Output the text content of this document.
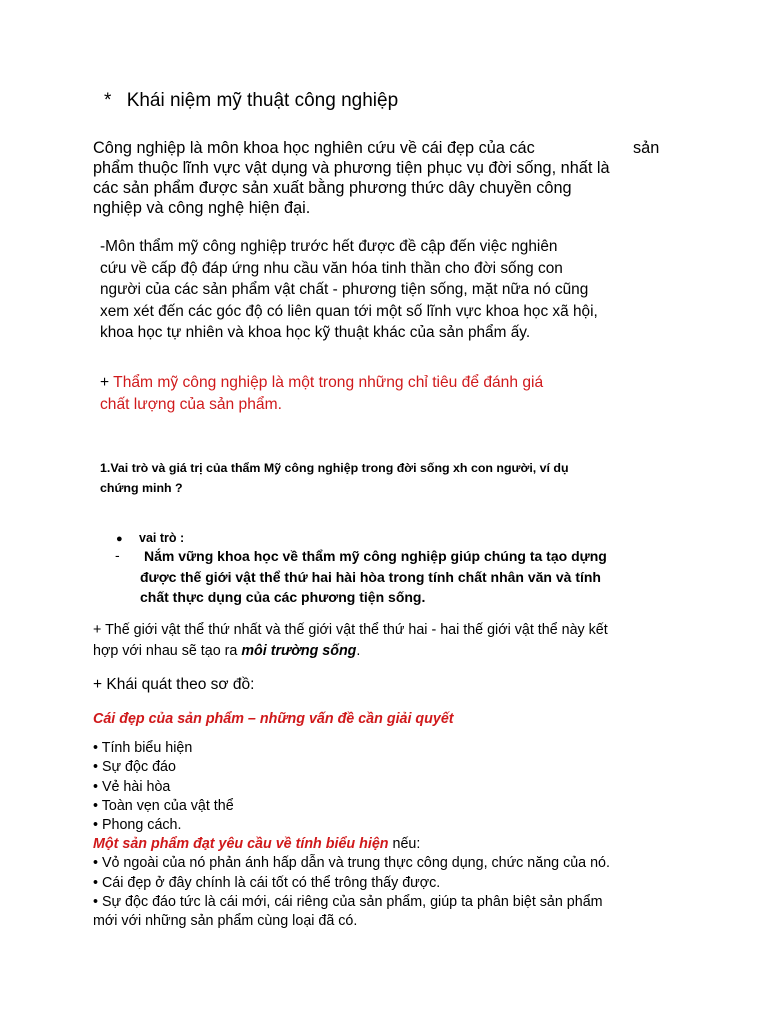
* Khái niệm mỹ thuật công nghiệp
Công nghiệp là môn khoa học nghiên cứu về cái đẹp của các	sản
phẩm thuộc lĩnh vực vật dụng và phương tiện phục vụ đời sống, nhất là
các sản phẩm được sản xuất bằng phương thức dây chuyền công
nghiệp và công nghệ hiện đại.
-Môn thẩm mỹ công nghiệp trước hết được đề cập đến việc nghiên
cứu về cấp độ đáp ứng nhu cầu văn hóa tinh thần cho đời sống con
người của các sản phẩm vật chất - phương tiện sống, mặt nữa nó cũng
xem xét đến các góc độ có liên quan tới một số lĩnh vực khoa học xã hội,
khoa học tự nhiên và khoa học kỹ thuật khác của sản phẩm ấy.
+ Thẩm mỹ công nghiệp là một trong những chỉ tiêu để đánh giá
chất lượng của sản phẩm.
1.Vai trò và giá trị của thẩm Mỹ công nghiệp trong đời sống xh con người, ví dụ
chứng minh ?
● vai trò :
- Nắm vững khoa học về thẩm mỹ công nghiệp giúp chúng ta tạo dựng
được thế giới vật thể thứ hai hài hòa trong tính chất nhân văn và tính
chất thực dụng của các phương tiện sống.
+ Thế giới vật thể thứ nhất và thế giới vật thể thứ hai - hai thế giới vật thể này kết
hợp với nhau sẽ tạo ra môi trường sống.
+ Khái quát theo sơ đồ:
Cái đẹp của sản phẩm – những vấn đề cần giải quyết
• Tính biểu hiện
• Sự độc đáo
• Vẻ hài hòa
• Toàn vẹn của vật thể
• Phong cách.
Một sản phẩm đạt yêu cầu về tính biểu hiện nếu:
• Vỏ ngoài của nó phản ánh hấp dẫn và trung thực công dụng, chức năng của nó.
• Cái đẹp ở đây chính là cái tốt có thể trông thấy được.
• Sự độc đáo tức là cái mới, cái riêng của sản phẩm, giúp ta phân biệt sản phẩm
mới với những sản phẩm cùng loại đã có.
